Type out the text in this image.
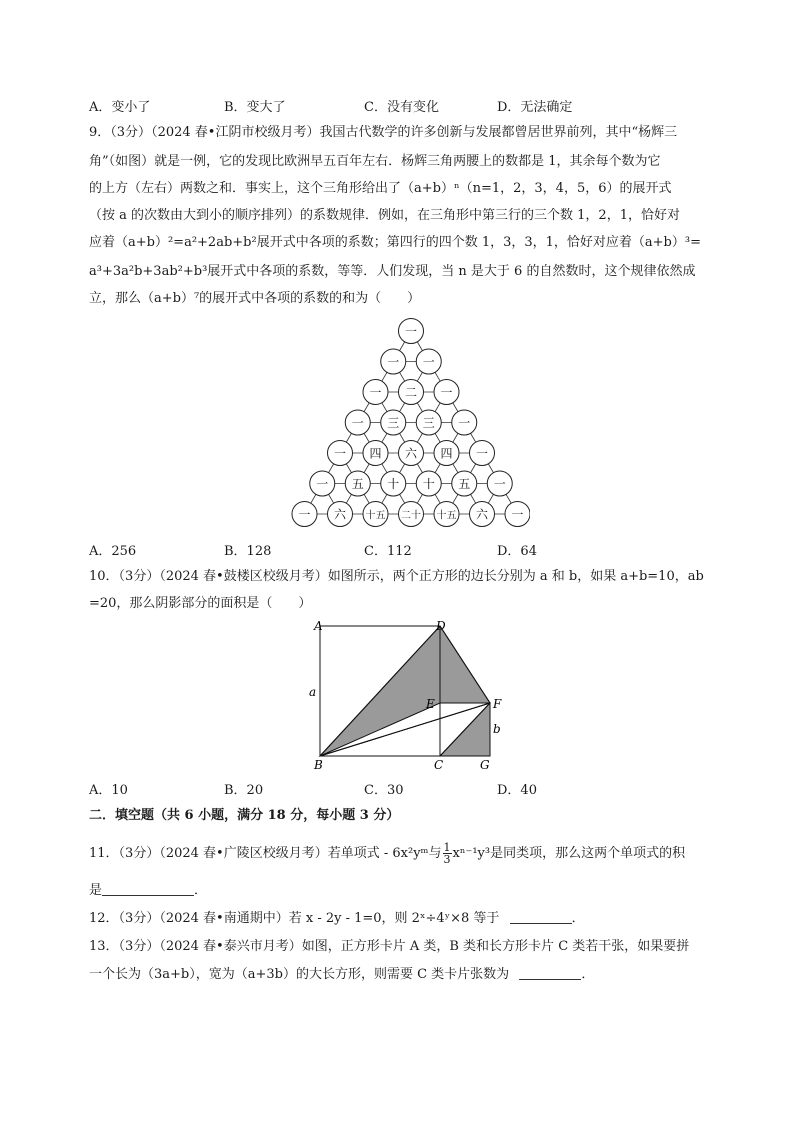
A．变小了	B．变大了	C．没有变化	D．无法确定
9．（3分）（2024 春•江阴市校级月考）我国古代数学的许多创新与发展都曾居世界前列，其中“杨辉三
角”（如图）就是一例，它的发现比欧洲早五百年左右．杨辉三角两腰上的数都是 1，其余每个数为它
的上方（左右）两数之和．事实上，这个三角形给出了（a+b）ⁿ（n=1，2，3，4，5，6）的展开式
（按 a 的次数由大到小的顺序排列）的系数规律．例如，在三角形中第三行的三个数 1，2，1，恰好对
应着（a+b）²=a²+2ab+b²展开式中各项的系数；第四行的四个数 1，3，3，1，恰好对应着（a+b）³=
a³+3a²b+3ab²+b³展开式中各项的系数，等等．人们发现，当 n 是大于 6 的自然数时，这个规律依然成
立，那么（a+b）⁷的展开式中各项的系数的和为（　　）
一
一 一
一 二 一
一 三 三 一
一 四 六 四 一
一 五 十 十 五 一
一 六 十五 二十 十五 六 一
A．256	B．128	C．112	D．64
10．（3分）（2024 春•鼓楼区校级月考）如图所示，两个正方形的边长分别为 a 和 b，如果 a+b=10，ab
=20，那么阴影部分的面积是（　　）
A	D
E	F
B	C	G
a
b
A．10	B．20	C．30	D．40
二．填空题（共 6 小题，满分 18 分，每小题 3 分）
11．（3分）（2024 春•广陵区校级月考）若单项式 - 6x²yᵐ与 $\frac{1}{3} x^{n-1}y^3$是同类项，那么这两个单项式的积
是	．
12．（3分）（2024 春•南通期中）若 x - 2y - 1=0，则 2ˣ÷4ʸ×8 等于	．
13．（3分）（2024 春•泰兴市月考）如图，正方形卡片 A 类，B 类和长方形卡片 C 类若干张，如果要拼
一个长为（3a+b），宽为（a+3b）的大长方形，则需要 C 类卡片张数为	．
